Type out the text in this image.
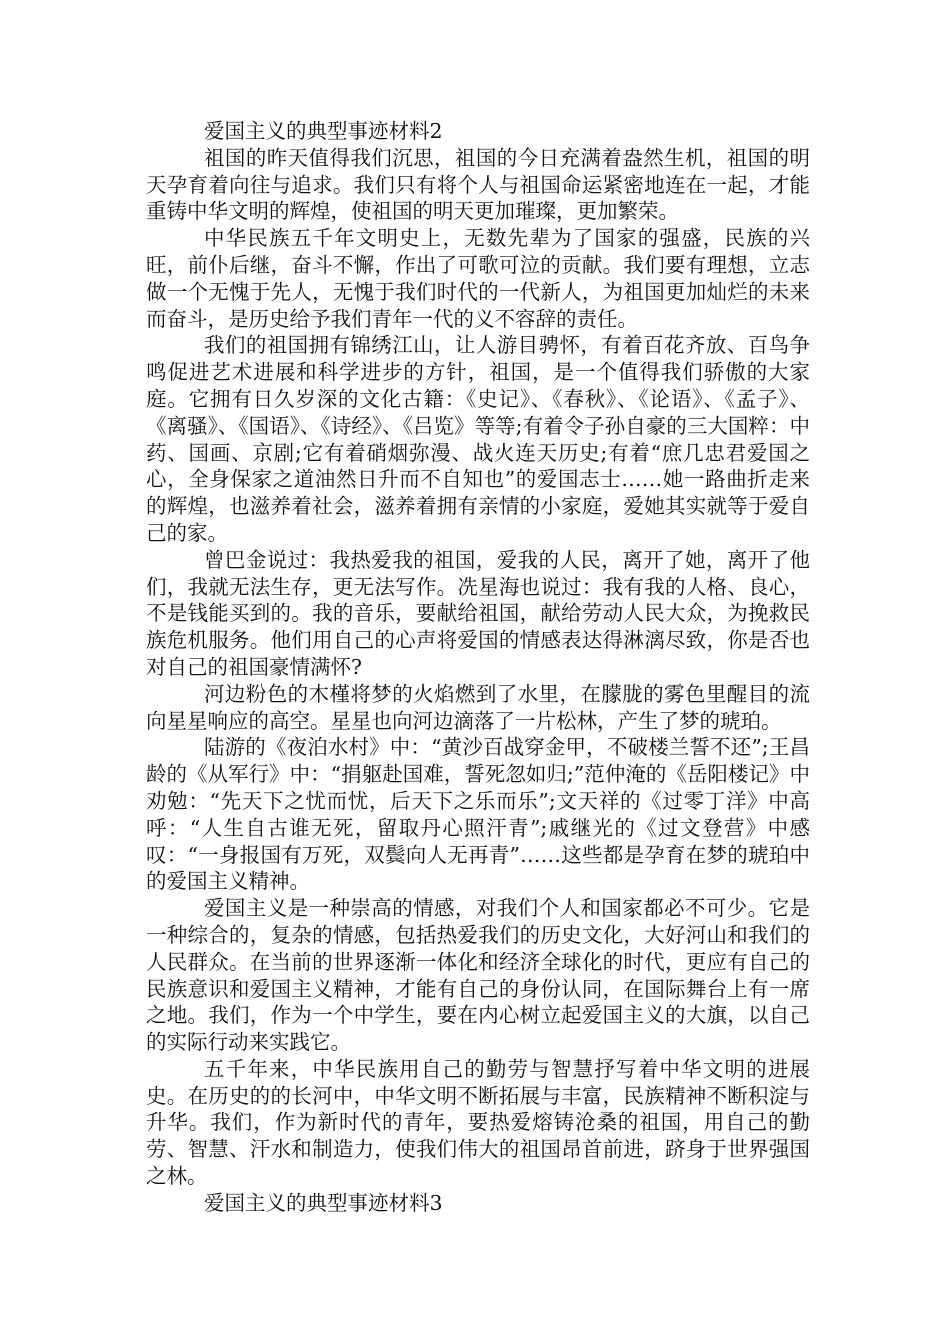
爱国主义的典型事迹材料2

祖国的昨天值得我们沉思，祖国的今日充满着盎然生机，祖国的明天孕育着向往与追求。我们只有将个人与祖国命运紧密地连在一起，才能重铸中华文明的辉煌，使祖国的明天更加璀璨，更加繁荣。

中华民族五千年文明史上，无数先辈为了国家的强盛，民族的兴旺，前仆后继，奋斗不懈，作出了可歌可泣的贡献。我们要有理想，立志做一个无愧于先人，无愧于我们时代的一代新人，为祖国更加灿烂的未来而奋斗，是历史给予我们青年一代的义不容辞的责任。

我们的祖国拥有锦绣江山，让人游目骋怀，有着百花齐放、百鸟争鸣促进艺术进展和科学进步的方针，祖国，是一个值得我们骄傲的大家庭。它拥有日久岁深的文化古籍：《史记》、《春秋》、《论语》、《孟子》、《离骚》、《国语》、《诗经》、《吕览》等等;有着令子孙自豪的三大国粹：中药、国画、京剧;它有着硝烟弥漫、战火连天历史;有着“庶几忠君爱国之心，全身保家之道油然日升而不自知也”的爱国志士……她一路曲折走来的辉煌，也滋养着社会，滋养着拥有亲情的小家庭，爱她其实就等于爱自己的家。

曾巴金说过：我热爱我的祖国，爱我的人民，离开了她，离开了他们，我就无法生存，更无法写作。冼星海也说过：我有我的人格、良心，不是钱能买到的。我的音乐，要献给祖国，献给劳动人民大众，为挽救民族危机服务。他们用自己的心声将爱国的情感表达得淋漓尽致，你是否也对自己的祖国豪情满怀?

河边粉色的木槿将梦的火焰燃到了水里，在朦胧的雾色里醒目的流向星星响应的高空。星星也向河边滴落了一片松林，产生了梦的琥珀。

陆游的《夜泊水村》中：“黄沙百战穿金甲，不破楼兰誓不还”;王昌龄的《从军行》中：“捐躯赴国难，誓死忽如归;”范仲淹的《岳阳楼记》中劝勉：“先天下之忧而忧，后天下之乐而乐”;文天祥的《过零丁洋》中高呼：“人生自古谁无死，留取丹心照汗青”;戚继光的《过文登营》中感叹：“一身报国有万死，双鬓向人无再青”……这些都是孕育在梦的琥珀中的爱国主义精神。

爱国主义是一种崇高的情感，对我们个人和国家都必不可少。它是一种综合的，复杂的情感，包括热爱我们的历史文化，大好河山和我们的人民群众。在当前的世界逐渐一体化和经济全球化的时代，更应有自己的民族意识和爱国主义精神，才能有自己的身份认同，在国际舞台上有一席之地。我们，作为一个中学生，要在内心树立起爱国主义的大旗，以自己的实际行动来实践它。

五千年来，中华民族用自己的勤劳与智慧抒写着中华文明的进展史。在历史的的长河中，中华文明不断拓展与丰富，民族精神不断积淀与升华。我们，作为新时代的青年，要热爱熔铸沧桑的祖国，用自己的勤劳、智慧、汗水和制造力，使我们伟大的祖国昂首前进，跻身于世界强国之林。

爱国主义的典型事迹材料3
